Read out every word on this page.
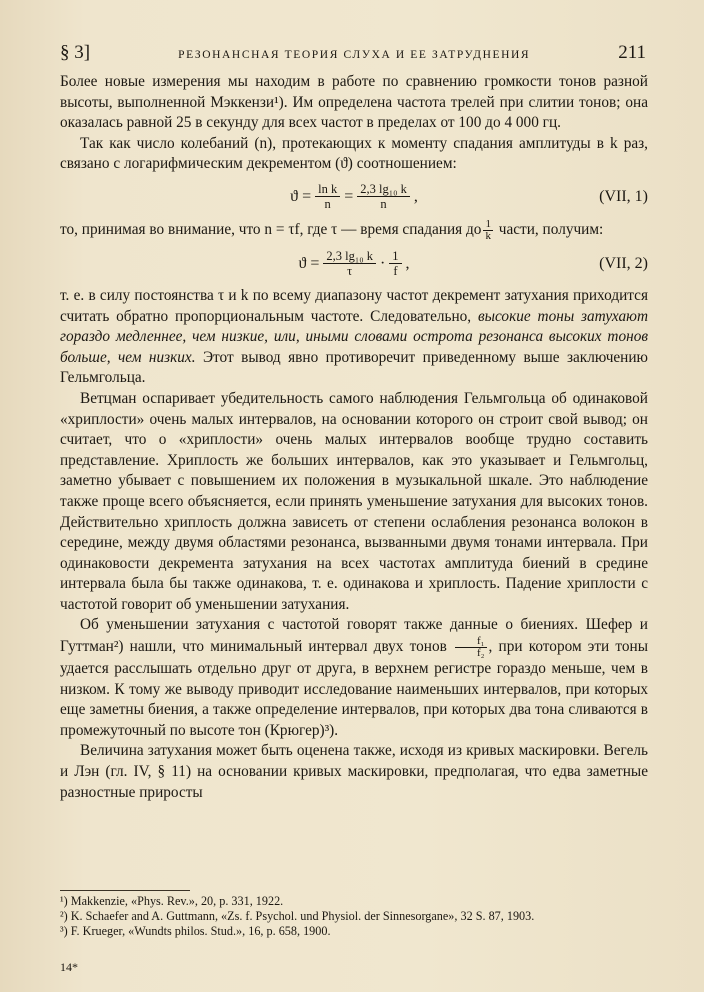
§ 3]	РЕЗОНАНСНАЯ ТЕОРИЯ СЛУХА И ЕЕ ЗАТРУДНЕНИЯ	211

Более новые измерения мы находим в работе по сравнению громкости тонов разной высоты, выполненной Мэккензи¹). Им определена частота трелей при слитии тонов; она оказалась равной 25 в секунду для всех частот в пределах от 100 до 4 000 гц.

Так как число колебаний (n), протекающих к моменту спадания амплитуды в k раз, связано с логарифмическим декрементом (ϑ) соотношением:

$ϑ = \frac{\text{ln k}}{n} = \frac{\text{2,3 lg₁₀ k}}{n}$ ,	(VII, 1)

то, принимая во внимание, что n = τf, где τ — время спадания до $\frac{1}{k}$ части, получим:

$ϑ = \frac{\text{2,3 lg₁₀ k}}{\tau} \cdot \frac{1}{f}$ ,	(VII, 2)

т. е. в силу постоянства τ и k по всему диапазону частот декремент затухания приходится считать обратно пропорциональным частоте. Следовательно, высокие тоны затухают гораздо медленнее, чем низкие, или, иными словами острота резонанса высоких тонов больше, чем низких. Этот вывод явно противоречит приведенному выше заключению Гельмгольца.

Ветцман оспаривает убедительность самого наблюдения Гельмгольца об одинаковой «хриплости» очень малых интервалов, на основании которого он строит свой вывод; он считает, что о «хриплости» очень малых интервалов вообще трудно составить представление. Хриплость же больших интервалов, как это указывает и Гельмгольц, заметно убывает с повышением их положения в музыкальной шкале. Это наблюдение также проще всего объясняется, если принять уменьшение затухания для высоких тонов. Действительно хриплость должна зависеть от степени ослабления резонанса волокон в середине, между двумя областями резонанса, вызванными двумя тонами интервала. При одинаковости декремента затухания на всех частотах амплитуда биений в средине интервала была бы также одинакова, т. е. одинакова и хриплость. Падение хриплости с частотой говорит об уменьшении затухания.

Об уменьшении затухания с частотой говорят также данные о биениях. Шефер и Гуттман²) нашли, что минимальный интервал двух тонов $\frac{\text{f₁}}{\text{f₂}}$ , при котором эти тоны удается расслышать отдельно друг от друга, в верхнем регистре гораздо меньше, чем в низком. К тому же выводу приводит исследование наименьших интервалов, при которых еще заметны биения, а также определение интервалов, при которых два тона сливаются в промежуточный по высоте тон (Крюгер)³).

Величина затухания может быть оценена также, исходя из кривых маскировки. Вегель и Лэн (гл. IV, § 11) на основании кривых маскировки, предполагая, что едва заметные разностные приросты

¹) Makkenzie, «Phys. Rev.», 20, p. 331, 1922.

²) K. Schaefer and A. Guttmann, «Zs. f. Psychol. und Physiol. der Sinnesorgane», 32 S. 87, 1903.

³) F. Krueger, «Wundts philos. Stud.», 16, p. 658, 1900.

14*
